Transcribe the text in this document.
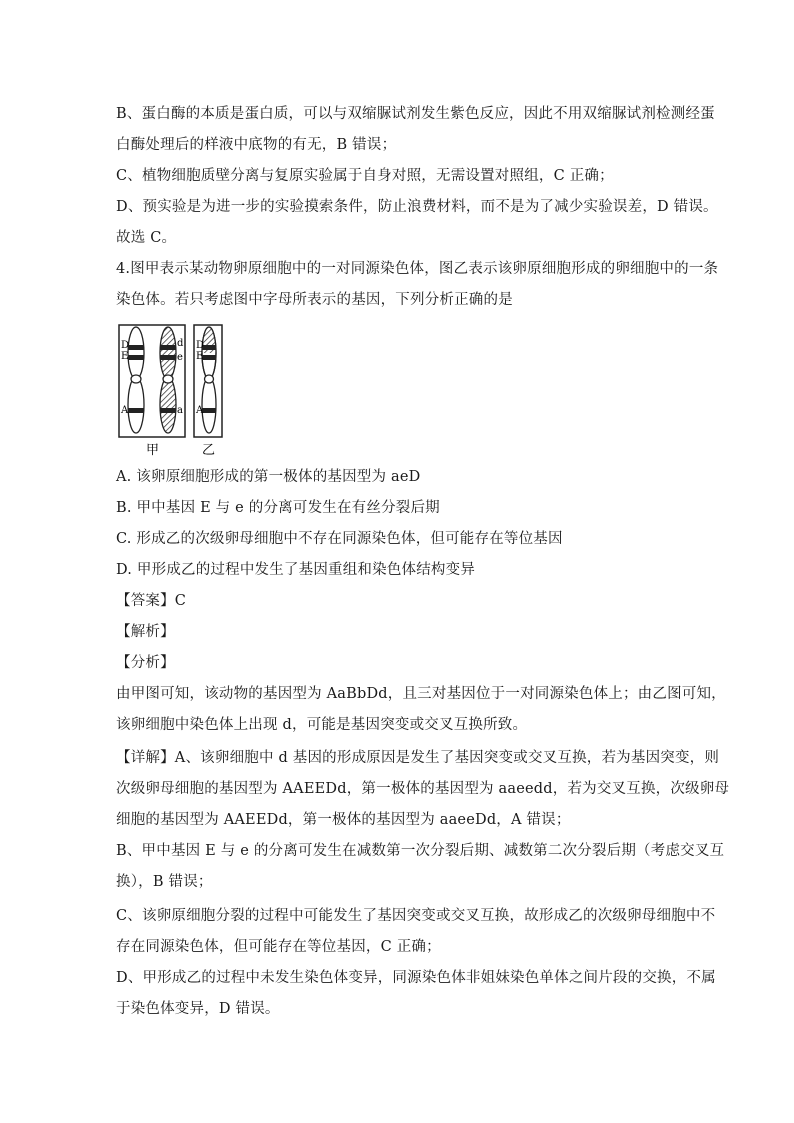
B、蛋白酶的本质是蛋白质，可以与双缩脲试剂发生紫色反应，因此不用双缩脲试剂检测经蛋
白酶处理后的样液中底物的有无，B 错误；
C、植物细胞质壁分离与复原实验属于自身对照，无需设置对照组，C 正确；
D、预实验是为进一步的实验摸索条件，防止浪费材料，而不是为了减少实验误差，D 错误。
故选 C。
4.图甲表示某动物卵原细胞中的一对同源染色体，图乙表示该卵原细胞形成的卵细胞中的一条
染色体。若只考虑图中字母所表示的基因，下列分析正确的是
D
E
A
d
e
a
D
E
A
甲	乙
A. 该卵原细胞形成的第一极体的基因型为 aeD
B. 甲中基因 E 与 e 的分离可发生在有丝分裂后期
C. 形成乙的次级卵母细胞中不存在同源染色体，但可能存在等位基因
D. 甲形成乙的过程中发生了基因重组和染色体结构变异
【答案】C
【解析】
【分析】
由甲图可知，该动物的基因型为 AaBbDd，且三对基因位于一对同源染色体上；由乙图可知，
该卵细胞中染色体上出现 d，可能是基因突变或交叉互换所致。
【详解】A、该卵细胞中 d 基因的形成原因是发生了基因突变或交叉互换，若为基因突变，则
次级卵母细胞的基因型为 AAEEDd，第一极体的基因型为 aaeedd，若为交叉互换，次级卵母
细胞的基因型为 AAEEDd，第一极体的基因型为 aaeeDd，A 错误；
B、甲中基因 E 与 e 的分离可发生在减数第一次分裂后期、减数第二次分裂后期（考虑交叉互
换），B 错误；
C、该卵原细胞分裂的过程中可能发生了基因突变或交叉互换，故形成乙的次级卵母细胞中不
存在同源染色体，但可能存在等位基因，C 正确；
D、甲形成乙的过程中未发生染色体变异，同源染色体非姐妹染色单体之间片段的交换，不属
于染色体变异，D 错误。
